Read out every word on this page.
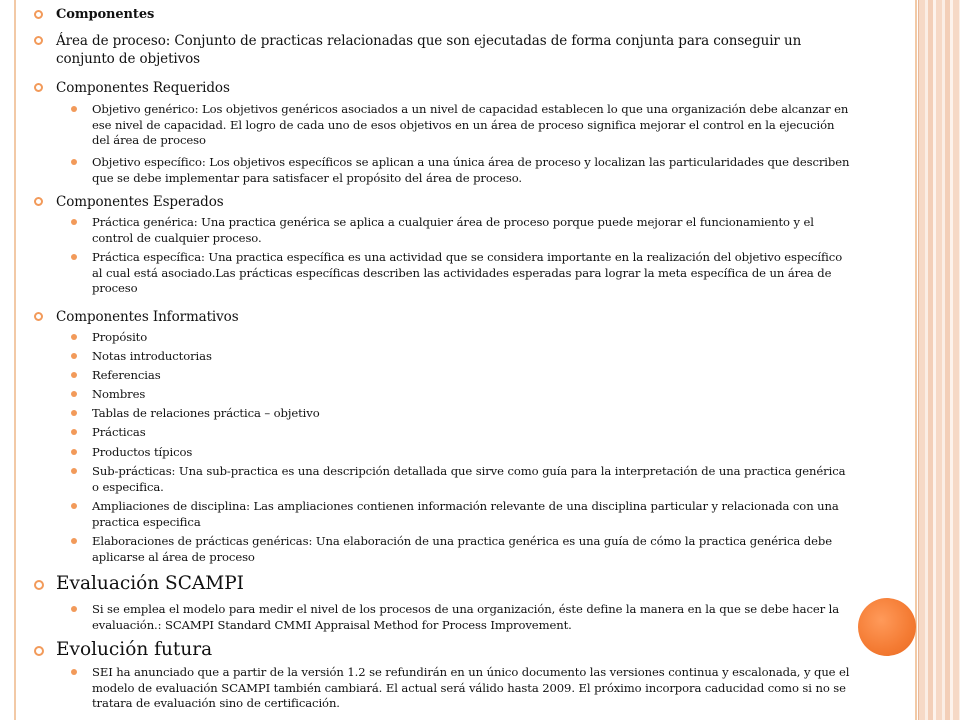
Componentes
Área de proceso: Conjunto de practicas relacionadas que son ejecutadas de forma conjunta para conseguir un conjunto de objetivos
Componentes Requeridos
Objetivo genérico: Los objetivos genéricos asociados a un nivel de capacidad establecen lo que una organización debe alcanzar en ese nivel de capacidad. El logro de cada uno de esos objetivos en un área de proceso significa mejorar el control en la ejecución del área de proceso
Objetivo específico: Los objetivos específicos se aplican a una única área de proceso y localizan las particularidades que describen que se debe implementar para satisfacer el propósito del área de proceso.
Componentes Esperados
Práctica genérica: Una practica genérica se aplica a cualquier área de proceso porque puede mejorar el funcionamiento y el control de cualquier proceso.
Práctica específica: Una practica específica es una actividad que se considera importante en la realización del objetivo específico al cual está asociado.Las prácticas específicas describen las actividades esperadas para lograr la meta específica de un área de proceso
Componentes Informativos
Propósito
Notas introductorias
Referencias
Nombres
Tablas de relaciones práctica – objetivo
Prácticas
Productos típicos
Sub-prácticas: Una sub-practica es una descripción detallada que sirve como guía para la interpretación de una practica genérica o especifica.
Ampliaciones de disciplina: Las ampliaciones contienen información relevante de una disciplina particular y relacionada con una practica especifica
Elaboraciones de prácticas genéricas: Una elaboración de una practica genérica es una guía de cómo la practica genérica debe aplicarse al área de proceso
Evaluación SCAMPI
Si se emplea el modelo para medir el nivel de los procesos de una organización, éste define la manera en la que se debe hacer la evaluación.: SCAMPI Standard CMMI Appraisal Method for Process Improvement.
Evolución futura
SEI ha anunciado que a partir de la versión 1.2 se refundirán en un único documento las versiones continua y escalonada, y que el modelo de evaluación SCAMPI también cambiará. El actual será válido hasta 2009. El próximo incorpora caducidad como si no se tratara de evaluación sino de certificación.
